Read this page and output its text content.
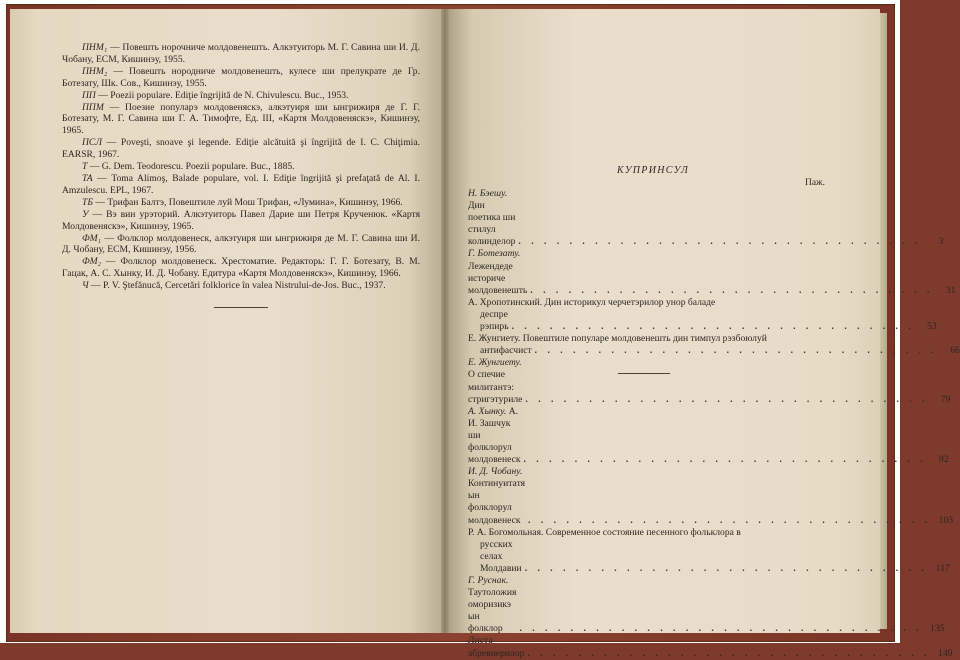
ПНМ₁ — Повешть норочниче молдовенешть. Алкэтуиторь М. Г. Савина ши И. Д. Чобану, ЕСМ, Кишинэу, 1955.

ПНМ₂ — Повешть нородниче молдовенешть, кулесе ши прелукрате де Гр. Ботезату, Шк. Сов., Кишинэу, 1955.

ПП — Poezii populare. Ediţie îngrijită de N. Chivulescu. Buc., 1953.

ППМ — Поезие популарэ молдовеняскэ, алкэтуиря ши ынгрижиря де Г. Г. Ботезату, М. Г. Савина ши Г. А. Тимофте, Ед. III, «Картя Молдовеняскэ», Кишинэу, 1965.

ПСЛ — Poveşti, snoave şi legende. Ediţie alcătuită şi îngrijită de I. C. Chiţimia. EARSR, 1967.

Т — G. Dem. Teodorescu. Poezii populare. Buc., 1885.

ТА — Toma Alimoş, Balade populare, vol. I. Ediţie îngrijită şi prefaţată de Al. I. Amzulescu. EPL, 1967.

ТБ — Трифан Балтэ, Повештиле луй Мош Трифан, «Лумина», Кишинэу, 1966.

У — Вэ вин урэторий. Алкэтуиторь Павел Дарие ши Петря Крученюк. «Картя Молдовеняскэ», Кишинэу, 1965.

ФМ₁ — Фолклор молдовенеск, алкэтуиря ши ынгрижиря де М. Г. Савина ши И. Д. Чобану, ЕСМ, Кишинэу, 1956.

ФМ₂ — Фолклор молдовенеск. Хрестоматие. Редакторь: Г. Г. Ботезату, В. М. Гацак, А. С. Хынку, И. Д. Чобану. Едитура «Картя Молдовеняскэ», Кишинэу, 1966.

Ч — P. V. Ştefănucă, Cercetări folklorice în valea Nistrului-de-Jos. Buc., 1937.

КУПРИНСУЛ
Паж.
Н. Бэешу. Дин поетика ши стилул колинделор . . . . . . . . . . . . . . . . . . . . . . . . . . . . . . . .	3
Г. Ботезату. Лежендеде историче молдовенешть . . . . . . . . . . . . . . . . . . . . . . . . . . . . . . . .	31
А. Хропотинский. Дин историкул черчетэрилор унор баладе
деспре рэпирь . . . . . . . . . . . . . . . . . . . . . . . . . . . . . . . .	53
Е. Жунгиету. Повештиле популаре молдовенешть дин тимпул рэзбоюлуй
антифасчист . . . . . . . . . . . . . . . . . . . . . . . . . . . . . . . .	66
Е. Жунгиету. О спечие милитантэ: стригэтуриле . . . . . . . . . . . . . . . . . . . . . . . . . . . . . . . .	79
А. Хынку. А. И. Зашчук ши фолклорул молдовенеск . . . . . . . . . . . . . . . . . . . . . . . . . . . . . . . .	92
И. Д. Чобану. Континуитатя ын фолклорул молдовенеск . . . . . . . . . . . . . . . . . . . . . . . . . . . . . . . . 103
Р. А. Богомольная. Современное состояние песенного фольклора в
русских селах Молдавии . . . . . . . . . . . . . . . . . . . . . . . . . . . . . . . . 117
Г. Руснак. Таутоложия оморизикэ ын фолклор	. . . . . . . . . . . . . . . . . . . . . . . . . . . . . . . . 135
Листа абревиерилор . . . . . . . . . . . . . . . . . . . . . . . . . . . . . . . . 149
